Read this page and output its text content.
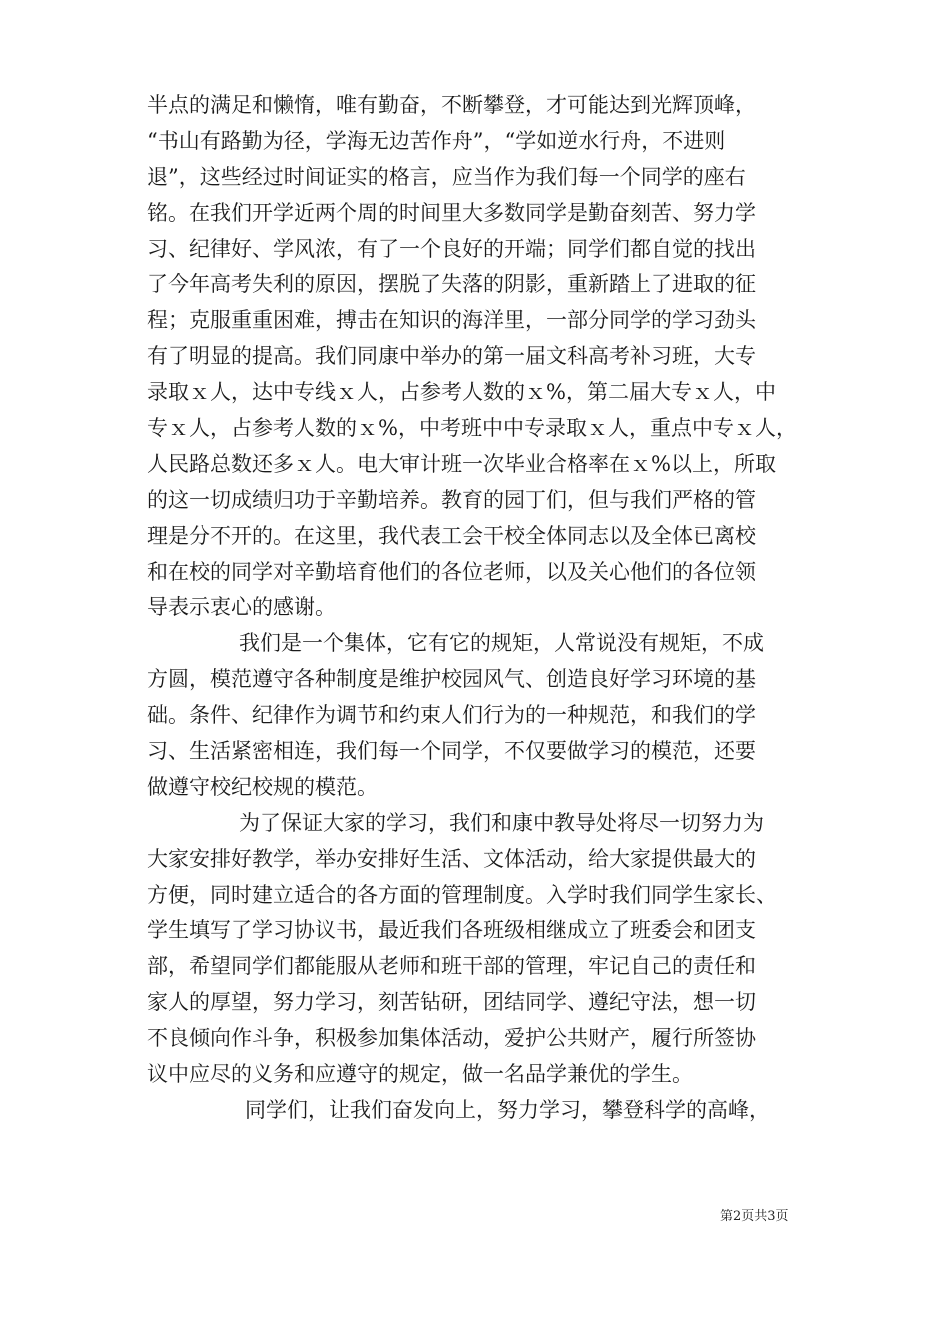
半点的满足和懒惰，唯有勤奋，不断攀登，才可能达到光辉顶峰，
“书山有路勤为径，学海无边苦作舟”，“学如逆水行舟，不进则
退”，这些经过时间证实的格言，应当作为我们每一个同学的座右
铭。在我们开学近两个周的时间里大多数同学是勤奋刻苦、努力学
习、纪律好、学风浓，有了一个良好的开端；同学们都自觉的找出
了今年高考失利的原因，摆脱了失落的阴影，重新踏上了进取的征
程；克服重重困难，搏击在知识的海洋里，一部分同学的学习劲头
有了明显的提高。我们同康中举办的第一届文科高考补习班，大专
录取ｘ人，达中专线ｘ人，占参考人数的ｘ%，第二届大专ｘ人，中
专ｘ人，占参考人数的ｘ%，中考班中中专录取ｘ人，重点中专ｘ人，
人民路总数还多ｘ人。电大审计班一次毕业合格率在ｘ%以上，所取
的这一切成绩归功于辛勤培养。教育的园丁们，但与我们严格的管
理是分不开的。在这里，我代表工会干校全体同志以及全体已离校
和在校的同学对辛勤培育他们的各位老师，以及关心他们的各位领
导表示衷心的感谢。
我们是一个集体，它有它的规矩，人常说没有规矩，不成
方圆，模范遵守各种制度是维护校园风气、创造良好学习环境的基
础。条件、纪律作为调节和约束人们行为的一种规范，和我们的学
习、生活紧密相连，我们每一个同学，不仅要做学习的模范，还要
做遵守校纪校规的模范。
为了保证大家的学习，我们和康中教导处将尽一切努力为
大家安排好教学，举办安排好生活、文体活动，给大家提供最大的
方便，同时建立适合的各方面的管理制度。入学时我们同学生家长、
学生填写了学习协议书，最近我们各班级相继成立了班委会和团支
部，希望同学们都能服从老师和班干部的管理，牢记自己的责任和
家人的厚望，努力学习，刻苦钻研，团结同学、遵纪守法，想一切
不良倾向作斗争，积极参加集体活动，爱护公共财产，履行所签协
议中应尽的义务和应遵守的规定，做一名品学兼优的学生。
同学们，让我们奋发向上，努力学习，攀登科学的高峰，
第2页共3页
